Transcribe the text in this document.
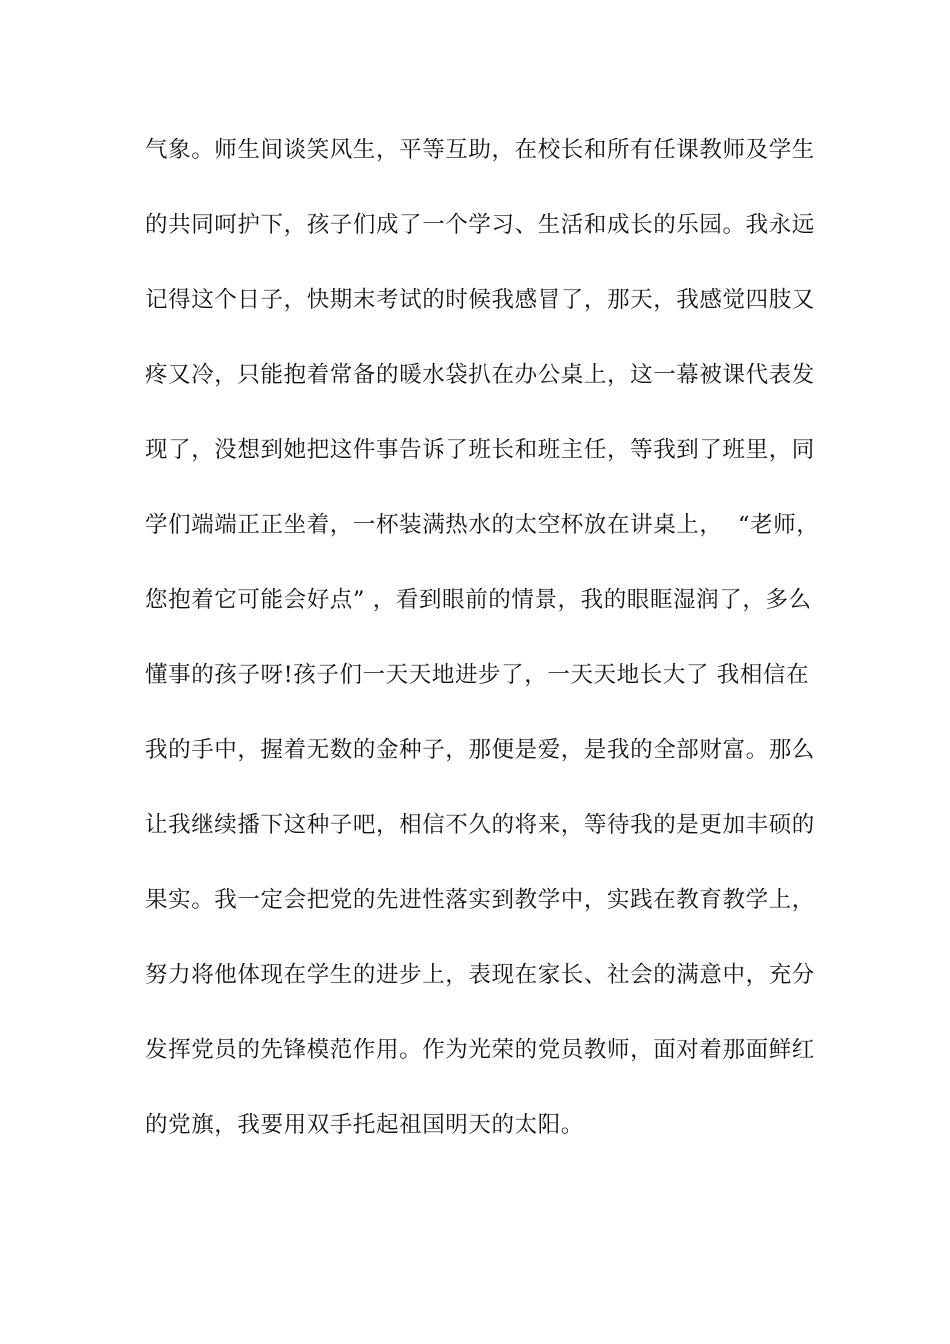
气象。师生间谈笑风生，平等互助，在校长和所有任课教师及学生
的共同呵护下，孩子们成了一个学习、生活和成长的乐园。我永远
记得这个日子，快期末考试的时候我感冒了，那天，我感觉四肢又
疼又冷，只能抱着常备的暖水袋扒在办公桌上，这一幕被课代表发
现了，没想到她把这件事告诉了班长和班主任，等我到了班里，同
学们端端正正坐着，一杯装满热水的太空杯放在讲桌上，  “老师，
您抱着它可能会好点” ，看到眼前的情景，我的眼眶湿润了，多么
懂事的孩子呀!孩子们一天天地进步了，一天天地长大了 我相信在
我的手中，握着无数的金种子，那便是爱，是我的全部财富。那么
让我继续播下这种子吧，相信不久的将来，等待我的是更加丰硕的
果实。我一定会把党的先进性落实到教学中，实践在教育教学上，
努力将他体现在学生的进步上，表现在家长、社会的满意中，充分
发挥党员的先锋模范作用。作为光荣的党员教师，面对着那面鲜红
的党旗，我要用双手托起祖国明天的太阳。
